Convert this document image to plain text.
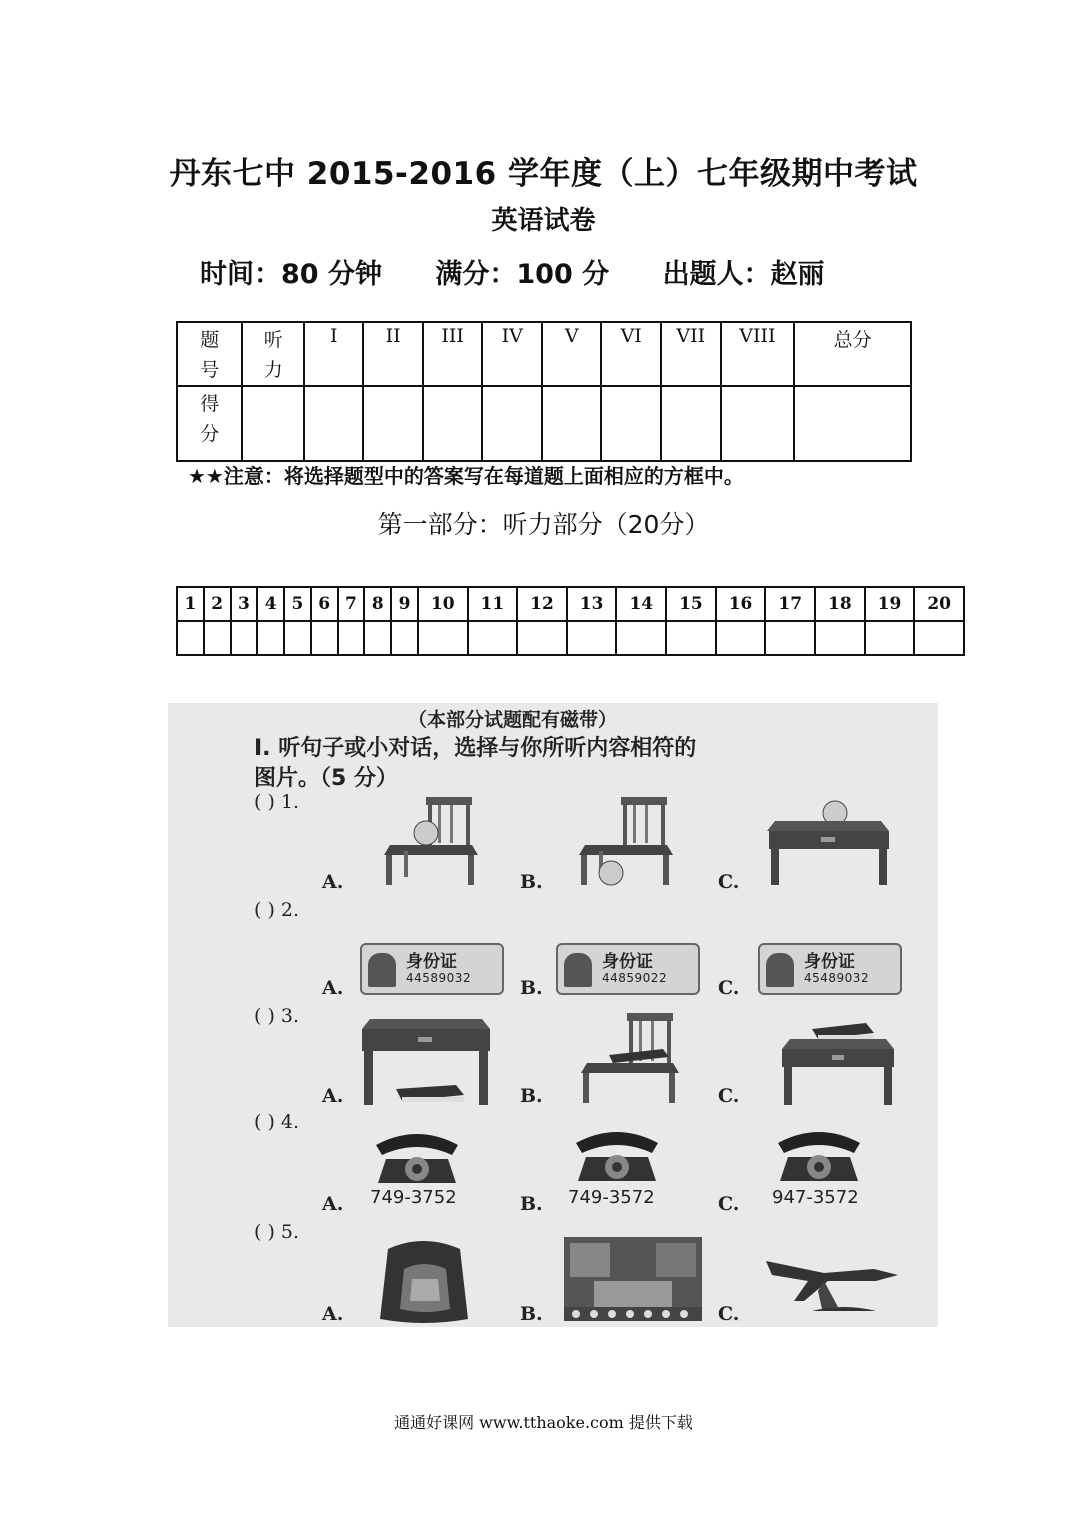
丹东七中 2015-2016 学年度（上）七年级期中考试
英语试卷
时间：80 分钟 满分：100 分 出题人：赵丽
题号	听力	I	II	III	IV	V	VI	VII	VIII	总分
得分										
★★注意：将选择题型中的答案写在每道题上面相应的方框中。
第一部分：听力部分（20分）
1	2	3	4	5	6	7	8	9	10	11	12	13	14	15	16	17	18	19	20

（本部分试题配有磁带）
I. 听句子或小对话，选择与你所听内容相符的
图片。（5 分）
( ) 1.
A.	B.	C.
( ) 2.
A.	B.	C.
身份证
44589032
身份证
44859022
身份证
45489032
( ) 3.
A.	B.	C.
( ) 4.
A.	B.	C.
749-3752	749-3572	947-3572
( ) 5.
A.	B.	C.
通通好课网 www.tthaoke.com 提供下载
